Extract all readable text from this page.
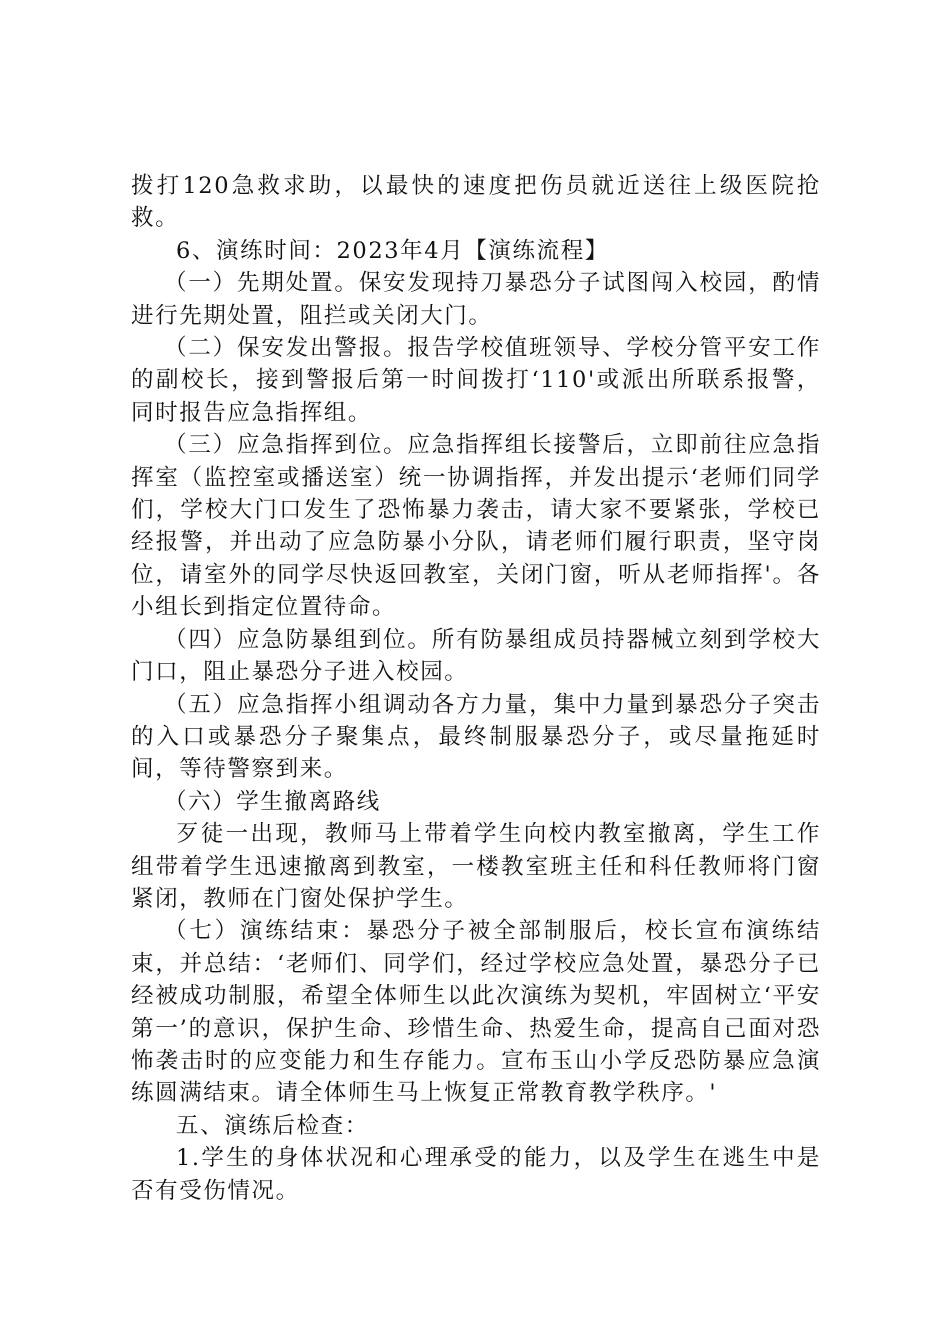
拨打120急救求助，以最快的速度把伤员就近送往上级医院抢救。

6、演练时间：2023年4月【演练流程】

（一）先期处置。保安发现持刀暴恐分子试图闯入校园，酌情进行先期处置，阻拦或关闭大门。

（二）保安发出警报。报告学校值班领导、学校分管平安工作的副校长，接到警报后第一时间拨打‘110'或派出所联系报警，同时报告应急指挥组。

（三）应急指挥到位。应急指挥组长接警后，立即前往应急指挥室（监控室或播送室）统一协调指挥，并发出提示‘老师们同学们，学校大门口发生了恐怖暴力袭击，请大家不要紧张，学校已经报警，并出动了应急防暴小分队，请老师们履行职责，坚守岗位，请室外的同学尽快返回教室，关闭门窗，听从老师指挥'。各小组长到指定位置待命。

（四）应急防暴组到位。所有防暴组成员持器械立刻到学校大门口，阻止暴恐分子进入校园。

（五）应急指挥小组调动各方力量，集中力量到暴恐分子突击的入口或暴恐分子聚集点，最终制服暴恐分子，或尽量拖延时间，等待警察到来。

（六）学生撤离路线

歹徒一出现，教师马上带着学生向校内教室撤离，学生工作组带着学生迅速撤离到教室，一楼教室班主任和科任教师将门窗紧闭，教师在门窗处保护学生。

（七）演练结束：暴恐分子被全部制服后，校长宣布演练结束，并总结：‘老师们、同学们，经过学校应急处置，暴恐分子已经被成功制服，希望全体师生以此次演练为契机，牢固树立‘平安第一’的意识，保护生命、珍惜生命、热爱生命，提高自己面对恐怖袭击时的应变能力和生存能力。宣布玉山小学反恐防暴应急演练圆满结束。请全体师生马上恢复正常教育教学秩序。'

五、演练后检查：

1.学生的身体状况和心理承受的能力，以及学生在逃生中是否有受伤情况。
